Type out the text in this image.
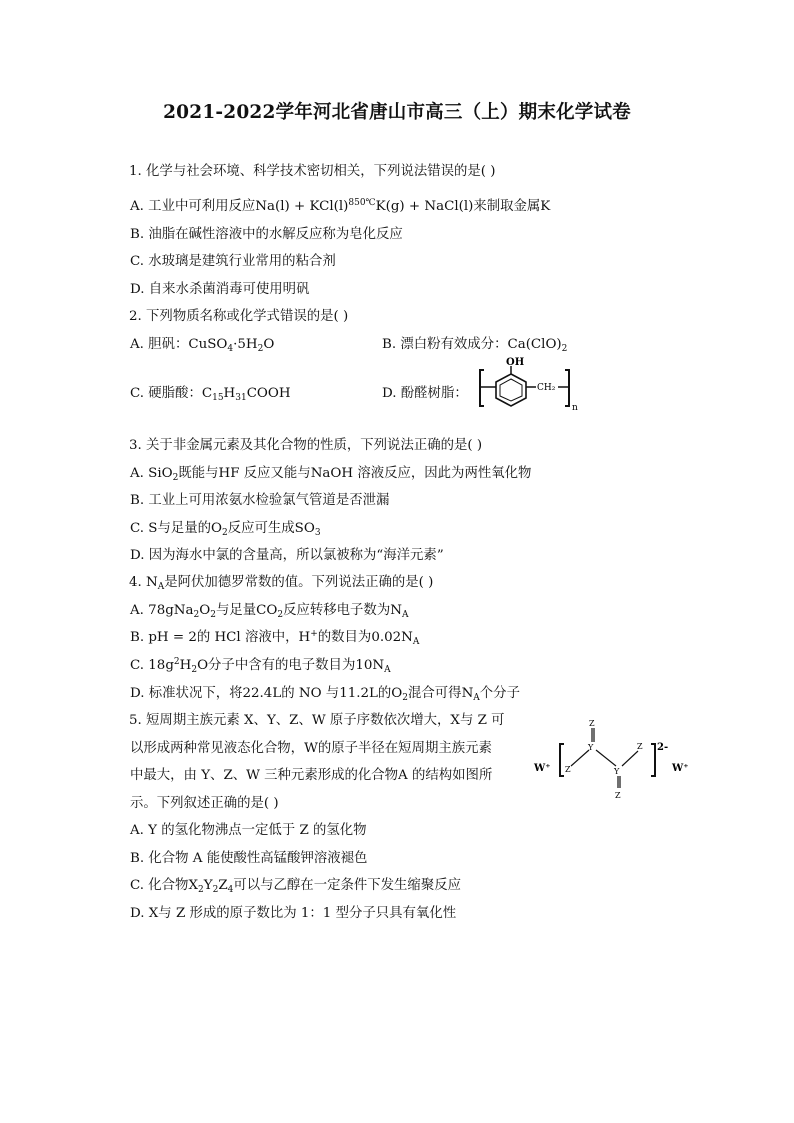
2021-2022学年河北省唐山市高三（上）期末化学试卷
1. 化学与社会环境、科学技术密切相关，下列说法错误的是( )
A. 工业中可利用反应$Na(l) + KCl(l)^{850℃}K(g)$ + NaCl(l)来制取金属K
B. 油脂在碱性溶液中的水解反应称为皂化反应
C. 水玻璃是建筑行业常用的粘合剂
D. 自来水杀菌消毒可使用明矾
2. 下列物质名称或化学式错误的是( )
A. 胆矾：$CuSO_4\cdot 5H_2O$	B. 漂白粉有效成分：$Ca(ClO)_2$
C. 硬脂酸：$C_{15}H_{31}COOH$	D. 酚醛树脂：
OH
CH₂
n
3. 关于非金属元素及其化合物的性质，下列说法正确的是( )
A. SiO$_2$既能与HF 反应又能与NaOH 溶液反应，因此为两性氧化物
B. 工业上可用浓氨水检验氯气管道是否泄漏
C. S与足量的$O_2$反应可生成$SO_3$
D. 因为海水中氯的含量高，所以氯被称为“海洋元素”
4. $N_A$是阿伏加德罗常数的值。下列说法正确的是( )
A. $78gNa_2O_2$与足量$CO_2$反应转移电子数为$N_A$
B. pH = 2的 HCl 溶液中，H+的数目为$0.02N_A$
C. $18g^2H_2O$分子中含有的电子数目为$10N_A$
D. 标准状况下，将22.4L的 NO 与11.2L的$O_2$混合可得$N_A$个分子
5. 短周期主族元素 X、Y、Z、W 原子序数依次增大，X与 Z 可
以形成两种常见液态化合物，W的原子半径在短周期主族元素
中最大，由 Y、Z、W 三种元素形成的化合物A 的结构如图所
示。下列叙述正确的是( )
W⁺ Z
Z
Y
Y
Z
Z 2-
W⁺
A. Y 的氢化物沸点一定低于 Z 的氢化物
B. 化合物 A 能使酸性高锰酸钾溶液褪色
C. 化合物$X_2Y_2Z_4$可以与乙醇在一定条件下发生缩聚反应
D. X与 Z 形成的原子数比为 1：1 型分子只具有氧化性
